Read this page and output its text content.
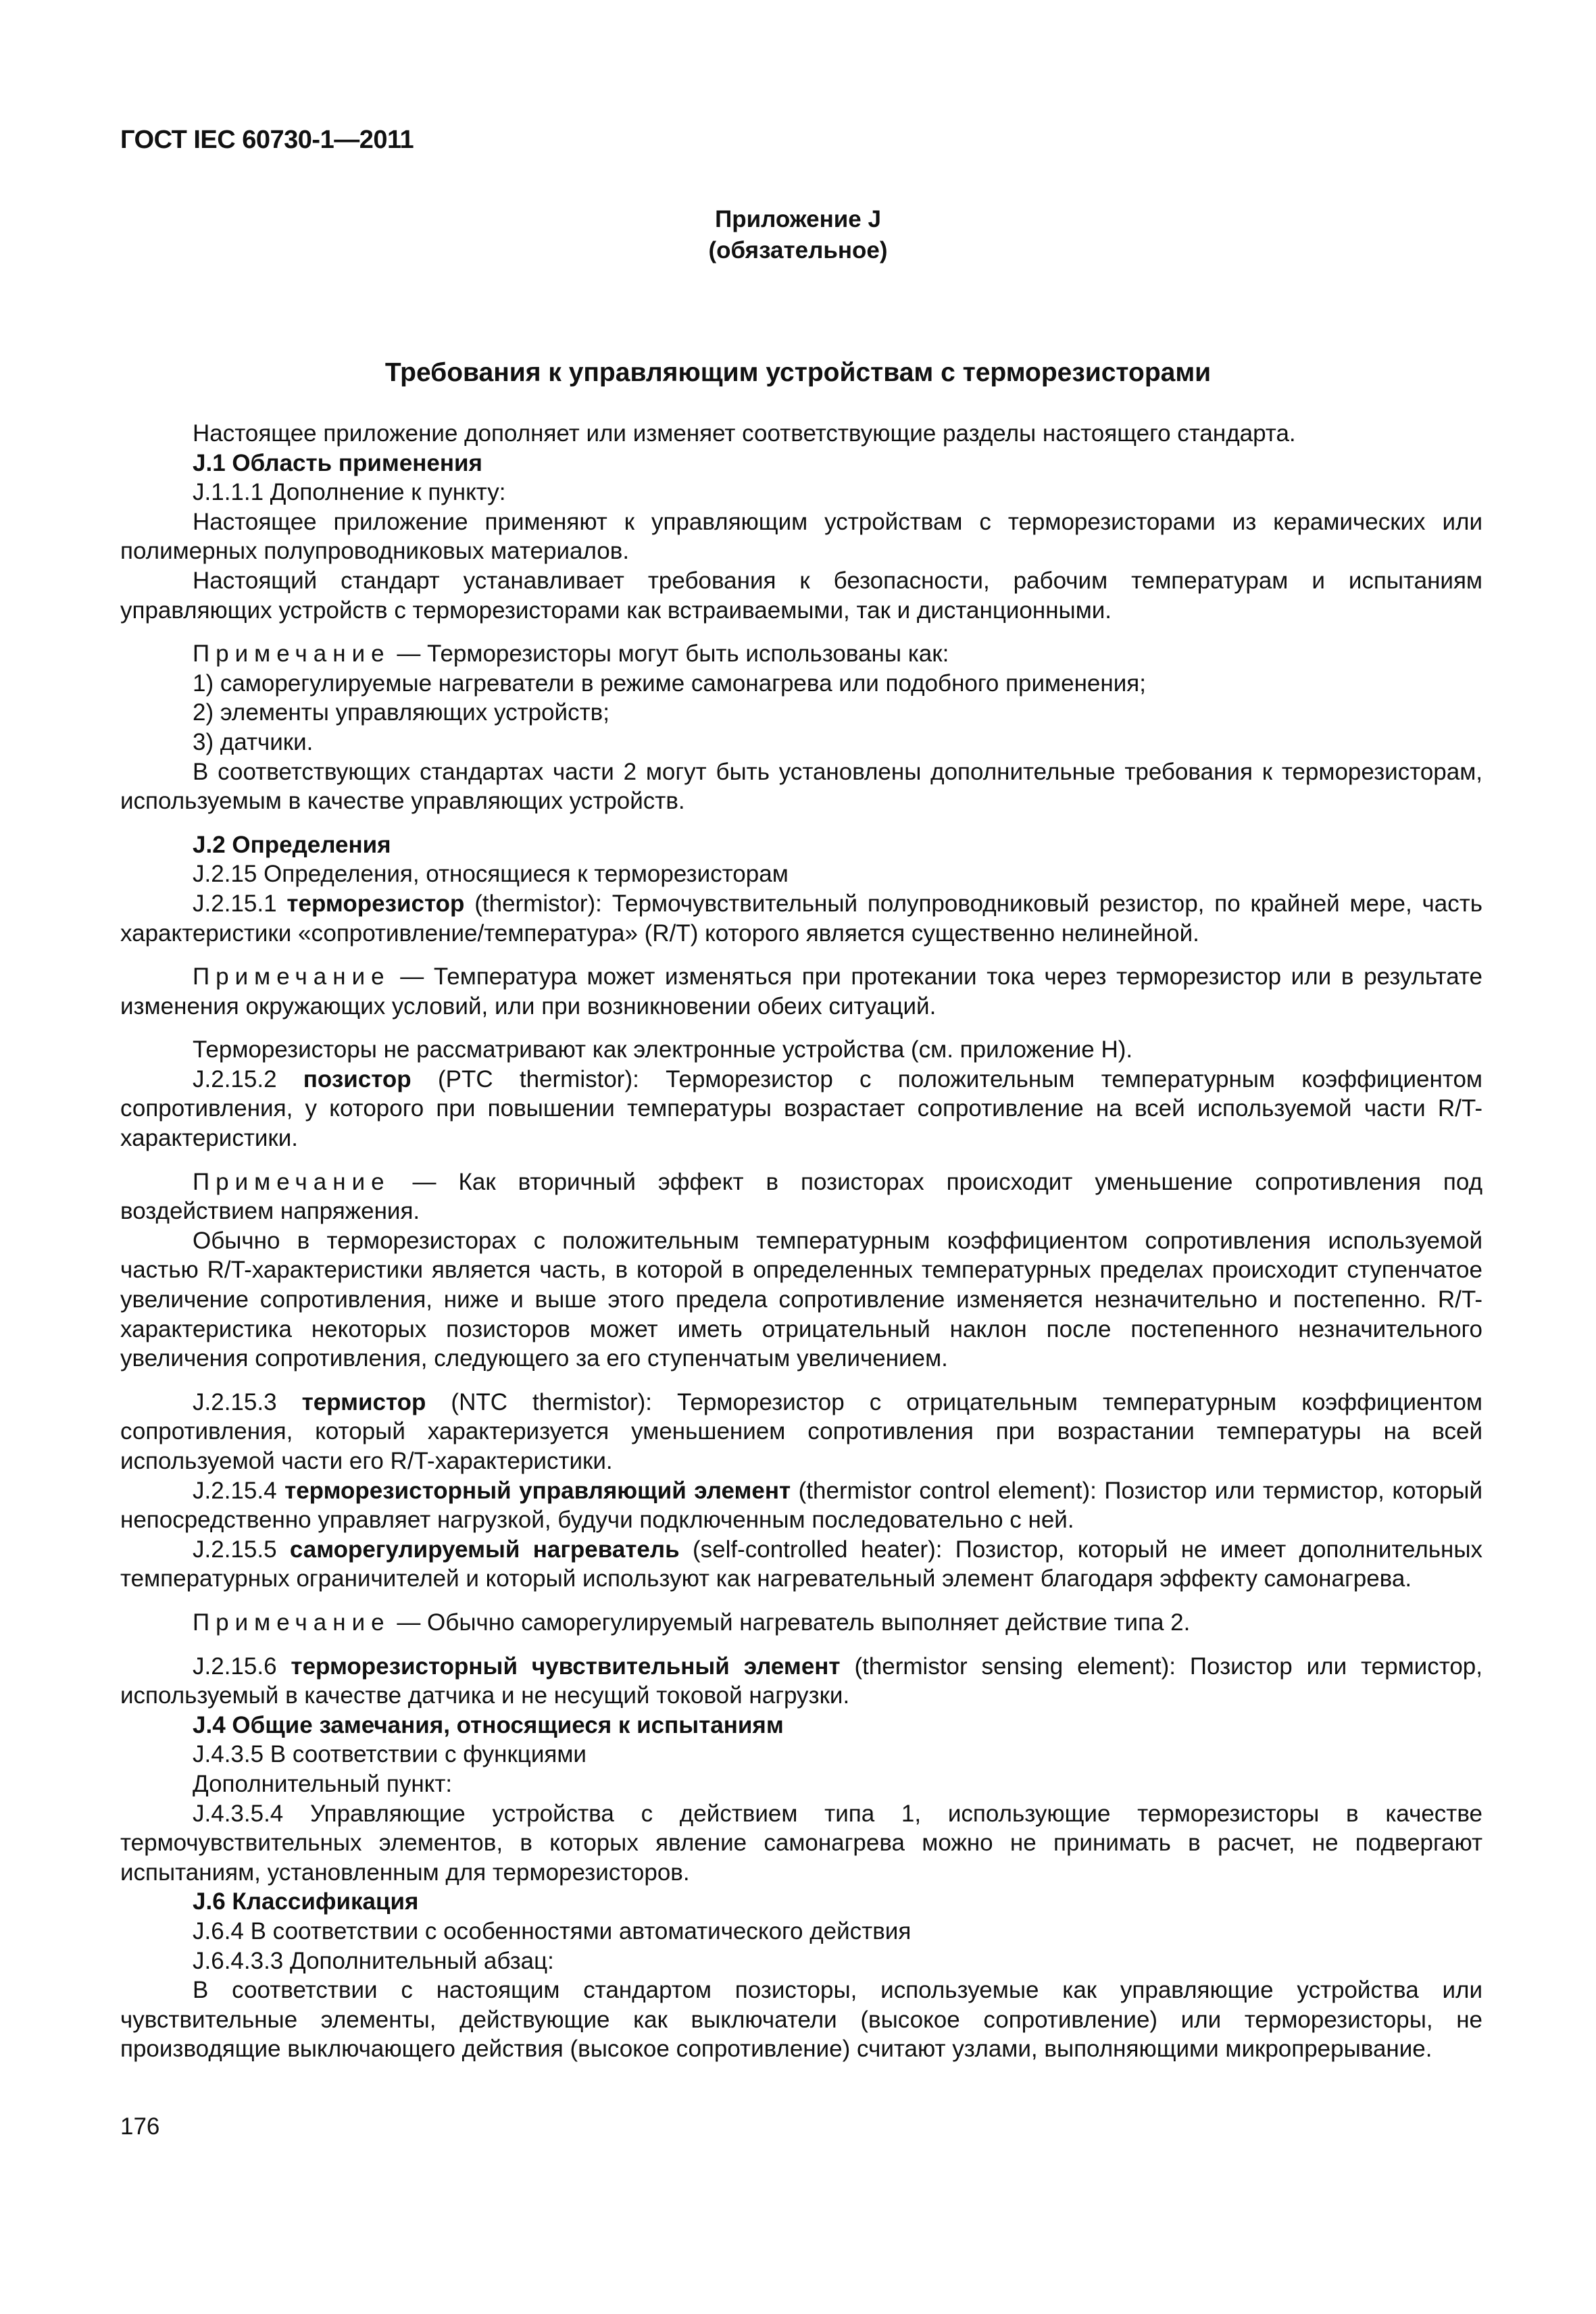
ГОСТ IEC 60730-1—2011
Приложение J
(обязательное)
Требования к управляющим устройствам с терморезисторами

Настоящее приложение дополняет или изменяет соответствующие разделы настоящего стандарта.

J.1 Область применения

J.1.1.1 Дополнение к пункту:

Настоящее приложение применяют к управляющим устройствам с терморезисторами из керамических или полимерных полупроводниковых материалов.

Настоящий стандарт устанавливает требования к безопасности, рабочим температурам и испытаниям управляющих устройств с терморезисторами как встраиваемыми, так и дистанционными.

Примечание — Терморезисторы могут быть использованы как:

1) саморегулируемые нагреватели в режиме самонагрева или подобного применения;

2) элементы управляющих устройств;

3) датчики.

В соответствующих стандартах части 2 могут быть установлены дополнительные требования к терморезисторам, используемым в качестве управляющих устройств.

J.2 Определения

J.2.15 Определения, относящиеся к терморезисторам

J.2.15.1 терморезистор (thermistor): Термочувствительный полупроводниковый резистор, по крайней мере, часть характеристики «сопротивление/температура» (R/T) которого является существенно нелинейной.

Примечание — Температура может изменяться при протекании тока через терморезистор или в результате изменения окружающих условий, или при возникновении обеих ситуаций.

Терморезисторы не рассматривают как электронные устройства (см. приложение Н).

J.2.15.2 позистор (PTC thermistor): Терморезистор с положительным температурным коэффициентом сопротивления, у которого при повышении температуры возрастает сопротивление на всей используемой части R/T-характеристики.

Примечание — Как вторичный эффект в позисторах происходит уменьшение сопротивления под воздействием напряжения.

Обычно в терморезисторах с положительным температурным коэффициентом сопротивления используемой частью R/T-характеристики является часть, в которой в определенных температурных пределах происходит ступенчатое увеличение сопротивления, ниже и выше этого предела сопротивление изменяется незначительно и постепенно. R/T-характеристика некоторых позисторов может иметь отрицательный наклон после постепенного незначительного увеличения сопротивления, следующего за его ступенчатым увеличением.

J.2.15.3 термистор (NTC thermistor): Терморезистор с отрицательным температурным коэффициентом сопротивления, который характеризуется уменьшением сопротивления при возрастании температуры на всей используемой части его R/T-характеристики.

J.2.15.4 терморезисторный управляющий элемент (thermistor control element): Позистор или термистор, который непосредственно управляет нагрузкой, будучи подключенным последовательно с ней.

J.2.15.5 саморегулируемый нагреватель (self-controlled heater): Позистор, который не имеет дополнительных температурных ограничителей и который используют как нагревательный элемент благодаря эффекту самонагрева.

Примечание — Обычно саморегулируемый нагреватель выполняет действие типа 2.

J.2.15.6 терморезисторный чувствительный элемент (thermistor sensing element): Позистор или термистор, используемый в качестве датчика и не несущий токовой нагрузки.

J.4 Общие замечания, относящиеся к испытаниям

J.4.3.5 В соответствии с функциями

Дополнительный пункт:

J.4.3.5.4 Управляющие устройства с действием типа 1, использующие терморезисторы в качестве термочувствительных элементов, в которых явление самонагрева можно не принимать в расчет, не подвергают испытаниям, установленным для терморезисторов.

J.6 Классификация

J.6.4 В соответствии с особенностями автоматического действия

J.6.4.3.3 Дополнительный абзац:

В соответствии с настоящим стандартом позисторы, используемые как управляющие устройства или чувствительные элементы, действующие как выключатели (высокое сопротивление) или терморезисторы, не производящие выключающего действия (высокое сопротивление) считают узлами, выполняющими микропрерывание.

176
